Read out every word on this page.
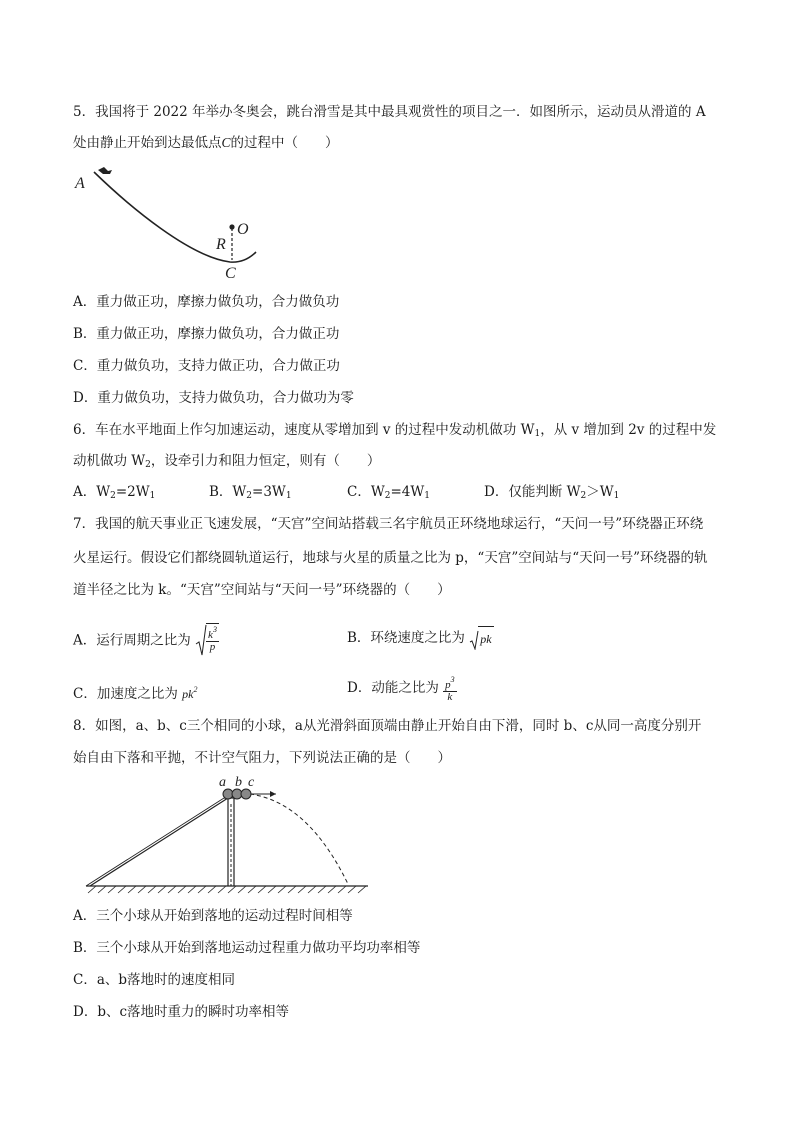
5．我国将于 2022 年举办冬奥会，跳台滑雪是其中最具观赏性的项目之一．如图所示，运动员从滑道的 A
处由静止开始到达最低点C的过程中（　　）
A
R
O
C
A．重力做正功，摩擦力做负功，合力做负功
B．重力做正功，摩擦力做负功，合力做正功
C．重力做负功，支持力做正功，合力做正功
D．重力做负功，支持力做负功，合力做功为零
6．车在水平地面上作匀加速运动，速度从零增加到 v 的过程中发动机做功 $W_1$，从 v 增加到 2v 的过程中发
动机做功 $W_2$，设牵引力和阻力恒定，则有（　　）
A．$W_2=2W_1$	B．$W_2=3W_1$	C．$W_2=4W_1$	D．仅能判断 $W_2>W_1$
7．我国的航天事业正飞速发展，“天宫”空间站搭载三名宇航员正环绕地球运行，“天问一号”环绕器正环绕
火星运行。假设它们都绕圆轨道运行，地球与火星的质量之比为 p，“天宫”空间站与“天问一号”环绕器的轨
道半径之比为 k。“天宫”空间站与“天问一号”环绕器的（　　）
A．运行周期之比为 $\frac{k^3}{p}$	B．环绕速度之比为 pk
C．加速度之比为 $pk^2$	D．动能之比为 $\frac{p^3}{k}$
8．如图，a、b、c三个相同的小球，a从光滑斜面顶端由静止开始自由下滑，同时 b、c从同一高度分别开
始自由下落和平抛，不计空气阻力，下列说法正确的是（　　）
a b c
A．三个小球从开始到落地的运动过程时间相等
B．三个小球从开始到落地运动过程重力做功平均功率相等
C．a、b落地时的速度相同
D．b、c落地时重力的瞬时功率相等
